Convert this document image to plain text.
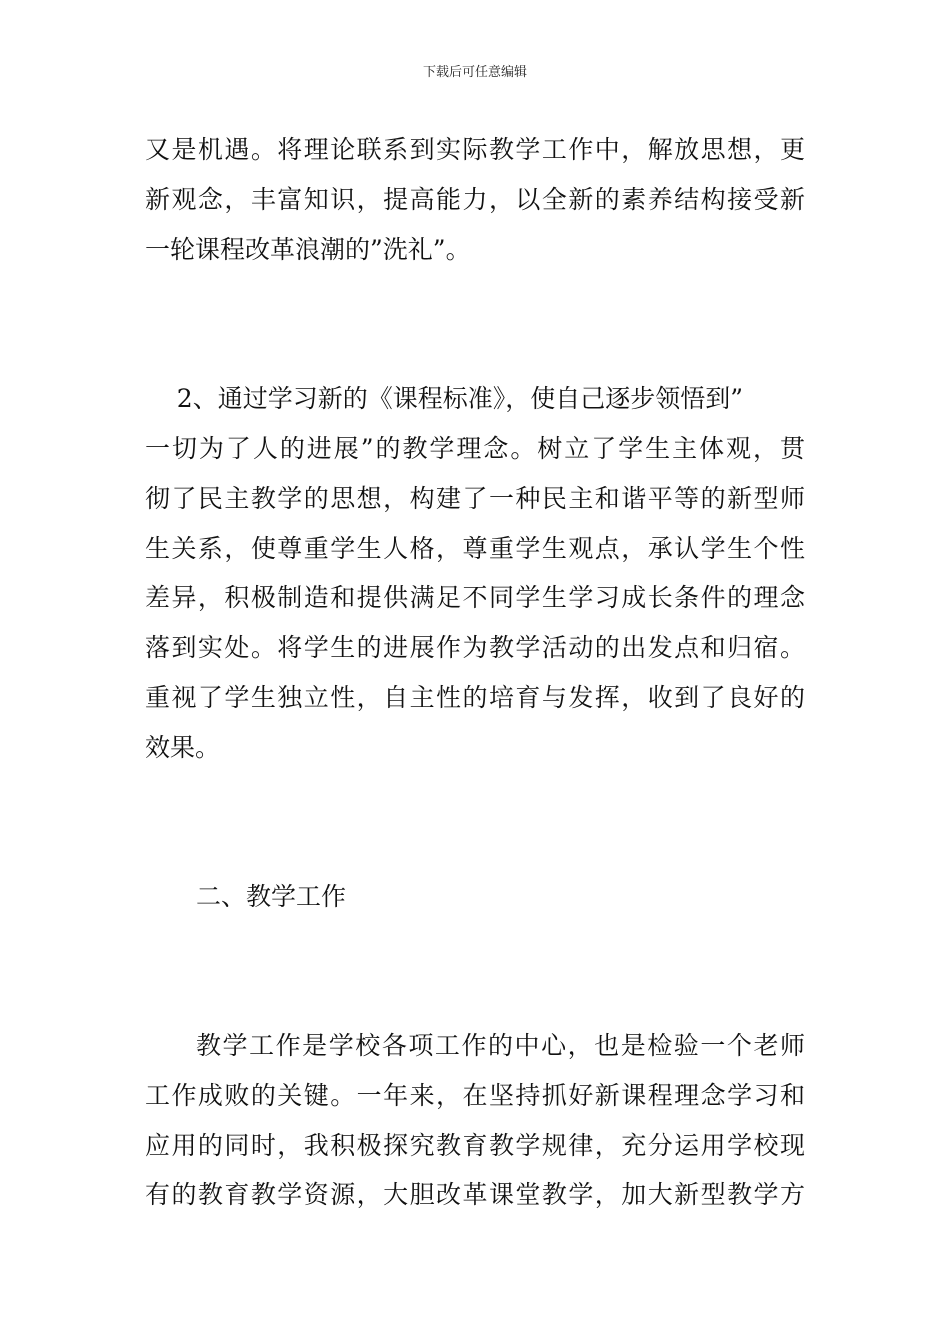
下载后可任意编辑
又是机遇。将理论联系到实际教学工作中，解放思想，更
新观念，丰富知识，提高能力，以全新的素养结构接受新
一轮课程改革浪潮的”洗礼”。
2、通过学习新的《课程标准》，使自己逐步领悟到”
一切为了人的进展”的教学理念。树立了学生主体观，贯
彻了民主教学的思想，构建了一种民主和谐平等的新型师
生关系，使尊重学生人格，尊重学生观点，承认学生个性
差异，积极制造和提供满足不同学生学习成长条件的理念
落到实处。将学生的进展作为教学活动的出发点和归宿。
重视了学生独立性，自主性的培育与发挥，收到了良好的
效果。
二、教学工作
教学工作是学校各项工作的中心，也是检验一个老师
工作成败的关键。一年来，在坚持抓好新课程理念学习和
应用的同时，我积极探究教育教学规律，充分运用学校现
有的教育教学资源，大胆改革课堂教学，加大新型教学方
